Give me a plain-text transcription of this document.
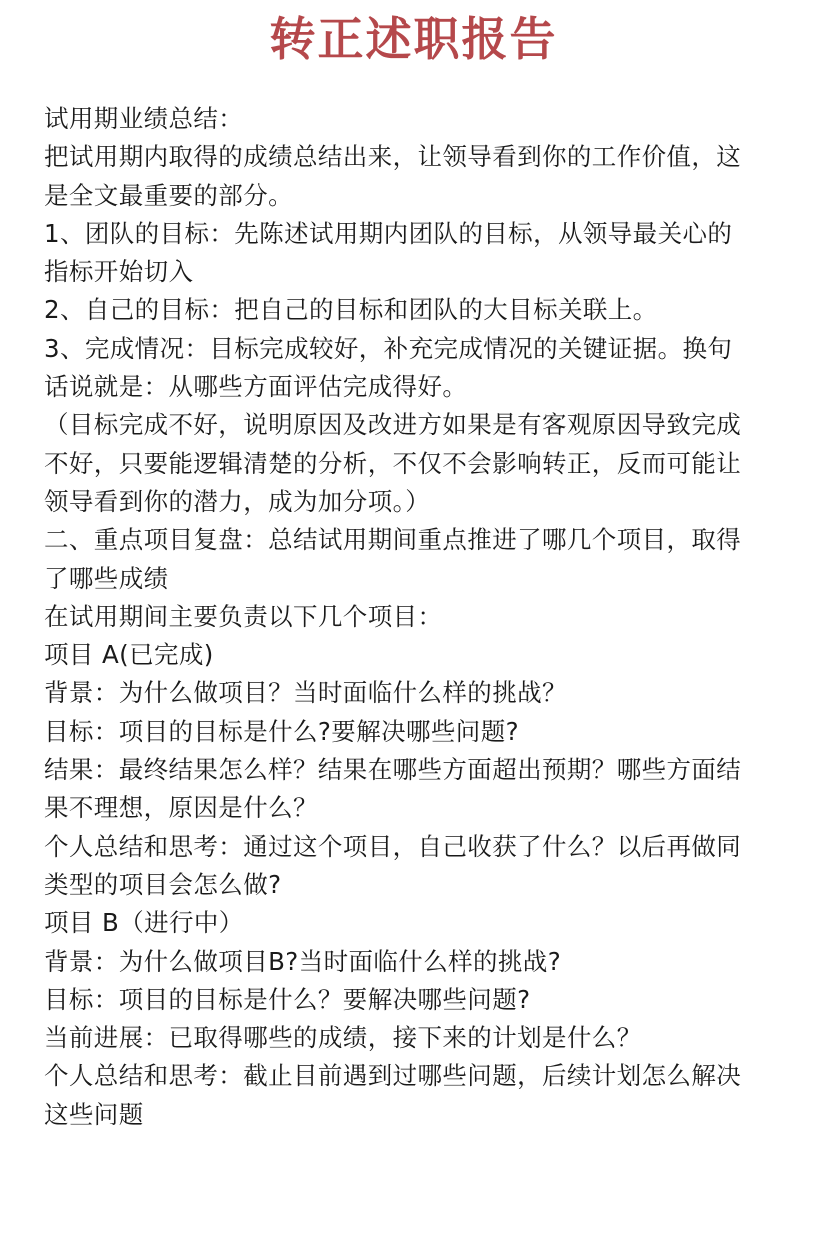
转正述职报告
试用期业绩总结：
把试用期内取得的成绩总结出来，让领导看到你的工作价值，这
是全文最重要的部分。
1、团队的目标：先陈述试用期内团队的目标，从领导最关心的
指标开始切入
2、自己的目标：把自己的目标和团队的大目标关联上。
3、完成情况：目标完成较好，补充完成情况的关键证据。换句
话说就是：从哪些方面评估完成得好。
（目标完成不好，说明原因及改进方如果是有客观原因导致完成
不好，只要能逻辑清楚的分析，不仅不会影响转正，反而可能让
领导看到你的潜力，成为加分项。）
二、重点项目复盘：总结试用期间重点推进了哪几个项目，取得
了哪些成绩
在试用期间主要负责以下几个项目：
项目 A(已完成)
背景：为什么做项目？当时面临什么样的挑战？
目标：项目的目标是什么?要解决哪些问题?
结果：最终结果怎么样？结果在哪些方面超出预期？哪些方面结
果不理想，原因是什么？
个人总结和思考：通过这个项目，自己收获了什么？以后再做同
类型的项目会怎么做?
项目 B（进行中）
背景：为什么做项目B?当时面临什么样的挑战?
目标：项目的目标是什么？要解决哪些问题?
当前进展：已取得哪些的成绩，接下来的计划是什么？
个人总结和思考：截止目前遇到过哪些问题，后续计划怎么解决
这些问题
